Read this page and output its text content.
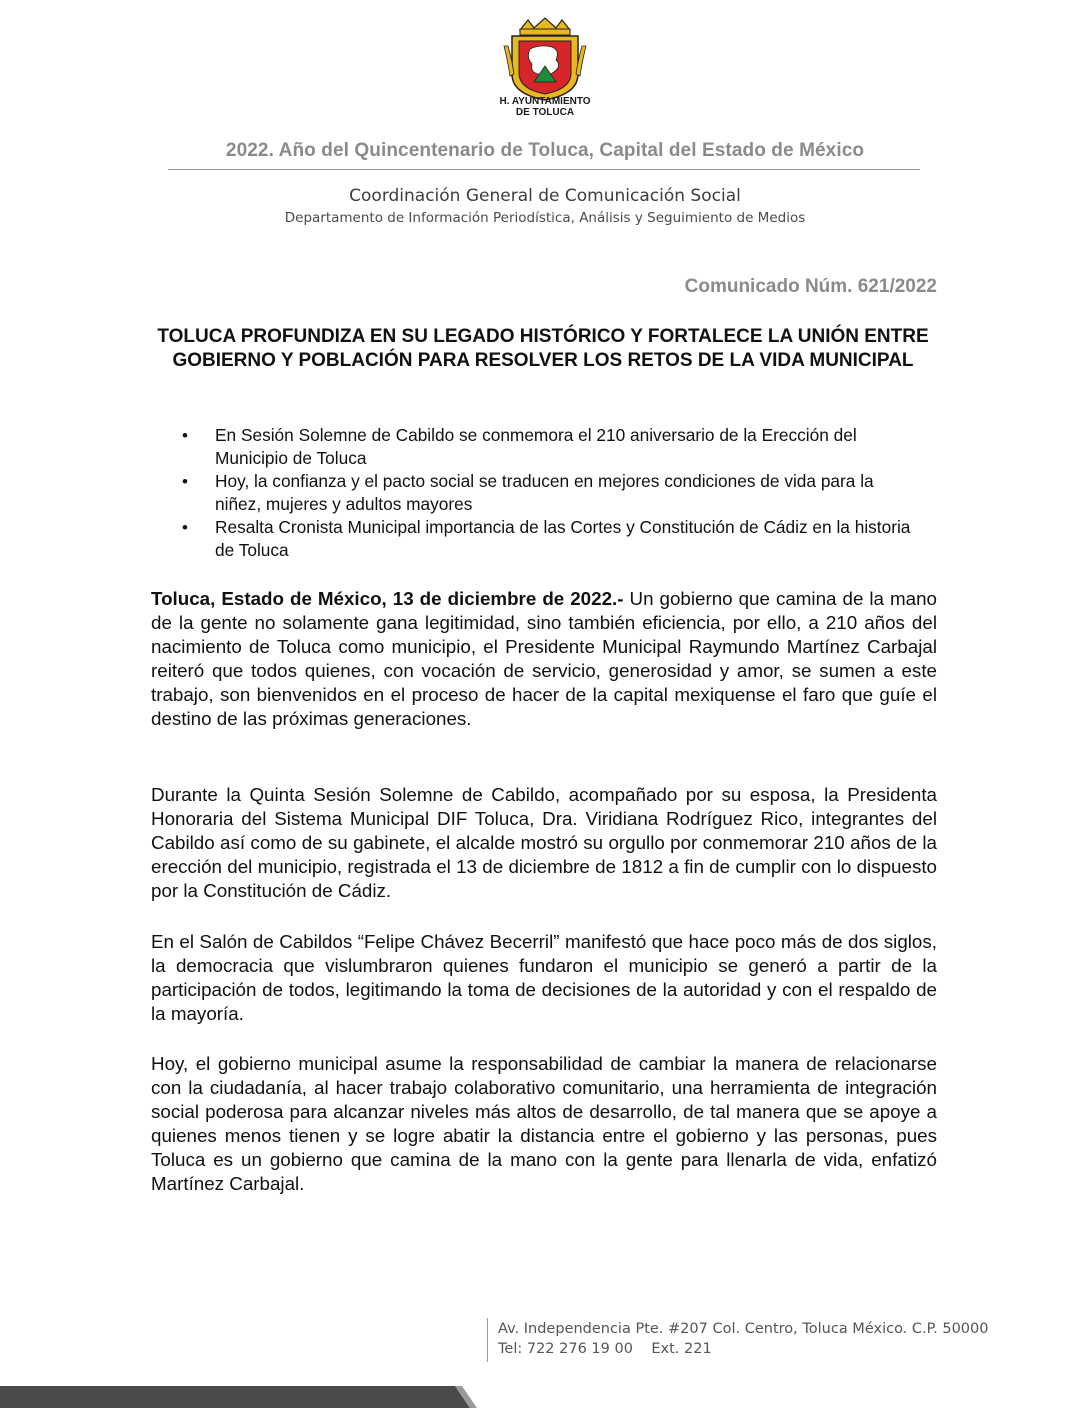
H. AYUNTAMIENTO
DE TOLUCA
2022. Año del Quincentenario de Toluca, Capital del Estado de México
Coordinación General de Comunicación Social
Departamento de Información Periodística, Análisis y Seguimiento de Medios
Comunicado Núm. 621/2022
TOLUCA PROFUNDIZA EN SU LEGADO HISTÓRICO Y FORTALECE LA UNIÓN ENTRE GOBIERNO Y POBLACIÓN PARA RESOLVER LOS RETOS DE LA VIDA MUNICIPAL
• En Sesión Solemne de Cabildo se conmemora el 210 aniversario de la Erección del Municipio de Toluca
• Hoy, la confianza y el pacto social se traducen en mejores condiciones de vida para la niñez, mujeres y adultos mayores
• Resalta Cronista Municipal importancia de las Cortes y Constitución de Cádiz en la historia de Toluca

Toluca, Estado de México, 13 de diciembre de 2022.- Un gobierno que camina de la mano de la gente no solamente gana legitimidad, sino también eficiencia, por ello, a 210 años del nacimiento de Toluca como municipio, el Presidente Municipal Raymundo Martínez Carbajal reiteró que todos quienes, con vocación de servicio, generosidad y amor, se sumen a este trabajo, son bienvenidos en el proceso de hacer de la capital mexiquense el faro que guíe el destino de las próximas generaciones.

Durante la Quinta Sesión Solemne de Cabildo, acompañado por su esposa, la Presidenta Honoraria del Sistema Municipal DIF Toluca, Dra. Viridiana Rodríguez Rico, integrantes del Cabildo así como de su gabinete, el alcalde mostró su orgullo por conmemorar 210 años de la erección del municipio, registrada el 13 de diciembre de 1812 a fin de cumplir con lo dispuesto por la Constitución de Cádiz.

En el Salón de Cabildos “Felipe Chávez Becerril” manifestó que hace poco más de dos siglos, la democracia que vislumbraron quienes fundaron el municipio se generó a partir de la participación de todos, legitimando la toma de decisiones de la autoridad y con el respaldo de la mayoría.

Hoy, el gobierno municipal asume la responsabilidad de cambiar la manera de relacionarse con la ciudadanía, al hacer trabajo colaborativo comunitario, una herramienta de integración social poderosa para alcanzar niveles más altos de desarrollo, de tal manera que se apoye a quienes menos tienen y se logre abatir la distancia entre el gobierno y las personas, pues Toluca es un gobierno que camina de la mano con la gente para llenarla de vida, enfatizó Martínez Carbajal.

Av. Independencia Pte. #207 Col. Centro, Toluca México. C.P. 50000
Tel: 722 276 19 00    Ext. 221
